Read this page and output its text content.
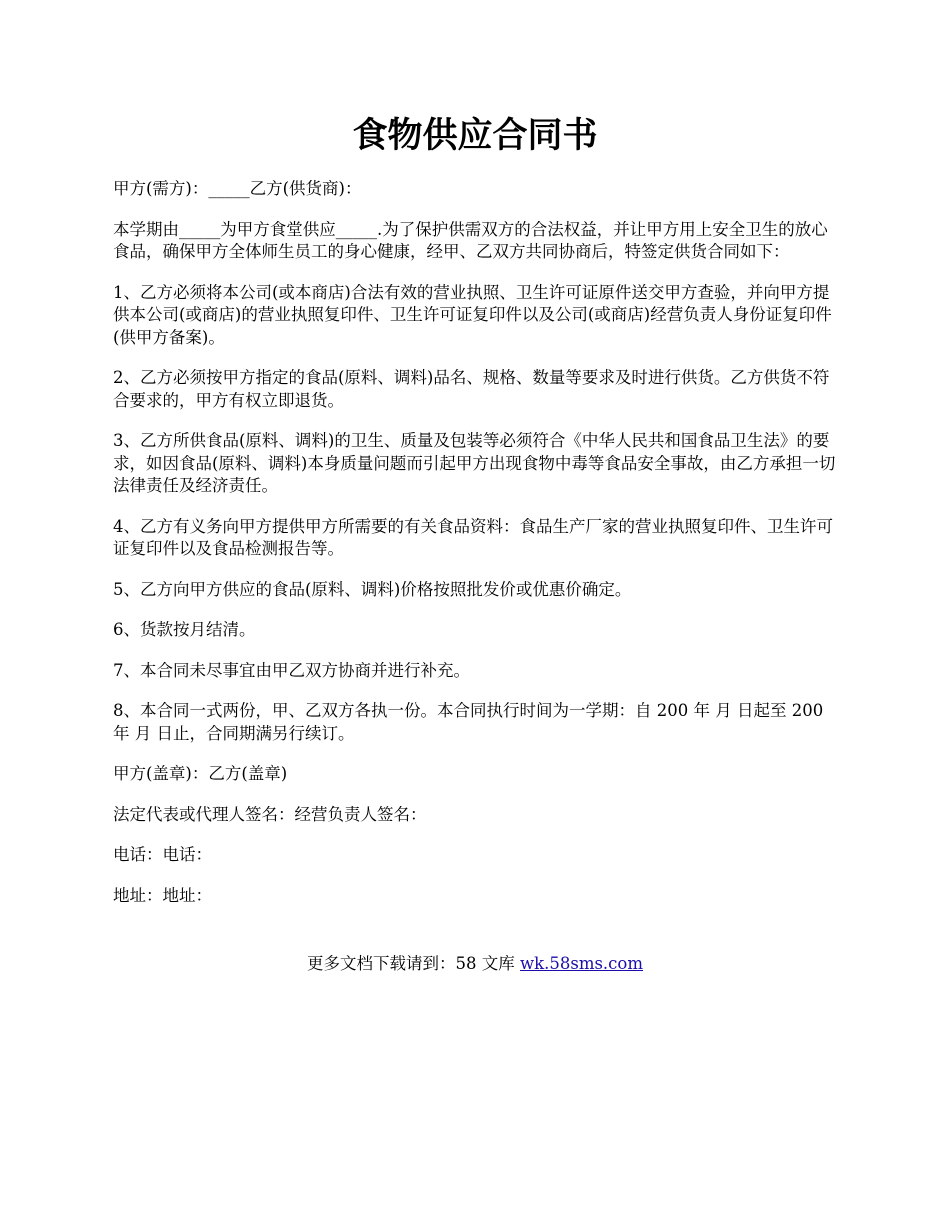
食物供应合同书

甲方(需方)：_____乙方(供货商)：

本学期由_____为甲方食堂供应_____.为了保护供需双方的合法权益，并让甲方用上安全卫生的放心食品，确保甲方全体师生员工的身心健康，经甲、乙双方共同协商后，特签定供货合同如下：

1、乙方必须将本公司(或本商店)合法有效的营业执照、卫生许可证原件送交甲方查验，并向甲方提供本公司(或商店)的营业执照复印件、卫生许可证复印件以及公司(或商店)经营负责人身份证复印件(供甲方备案)。

2、乙方必须按甲方指定的食品(原料、调料)品名、规格、数量等要求及时进行供货。乙方供货不符合要求的，甲方有权立即退货。

3、乙方所供食品(原料、调料)的卫生、质量及包装等必须符合《中华人民共和国食品卫生法》的要求，如因食品(原料、调料)本身质量问题而引起甲方出现食物中毒等食品安全事故，由乙方承担一切法律责任及经济责任。

4、乙方有义务向甲方提供甲方所需要的有关食品资料：食品生产厂家的营业执照复印件、卫生许可证复印件以及食品检测报告等。

5、乙方向甲方供应的食品(原料、调料)价格按照批发价或优惠价确定。

6、货款按月结清。

7、本合同未尽事宜由甲乙双方协商并进行补充。

8、本合同一式两份，甲、乙双方各执一份。本合同执行时间为一学期：自 200 年 月 日起至 200 年 月 日止，合同期满另行续订。

甲方(盖章)：乙方(盖章)

法定代表或代理人签名：经营负责人签名：

电话：电话：

地址：地址：

更多文档下载请到：58 文库 wk.58sms.com
